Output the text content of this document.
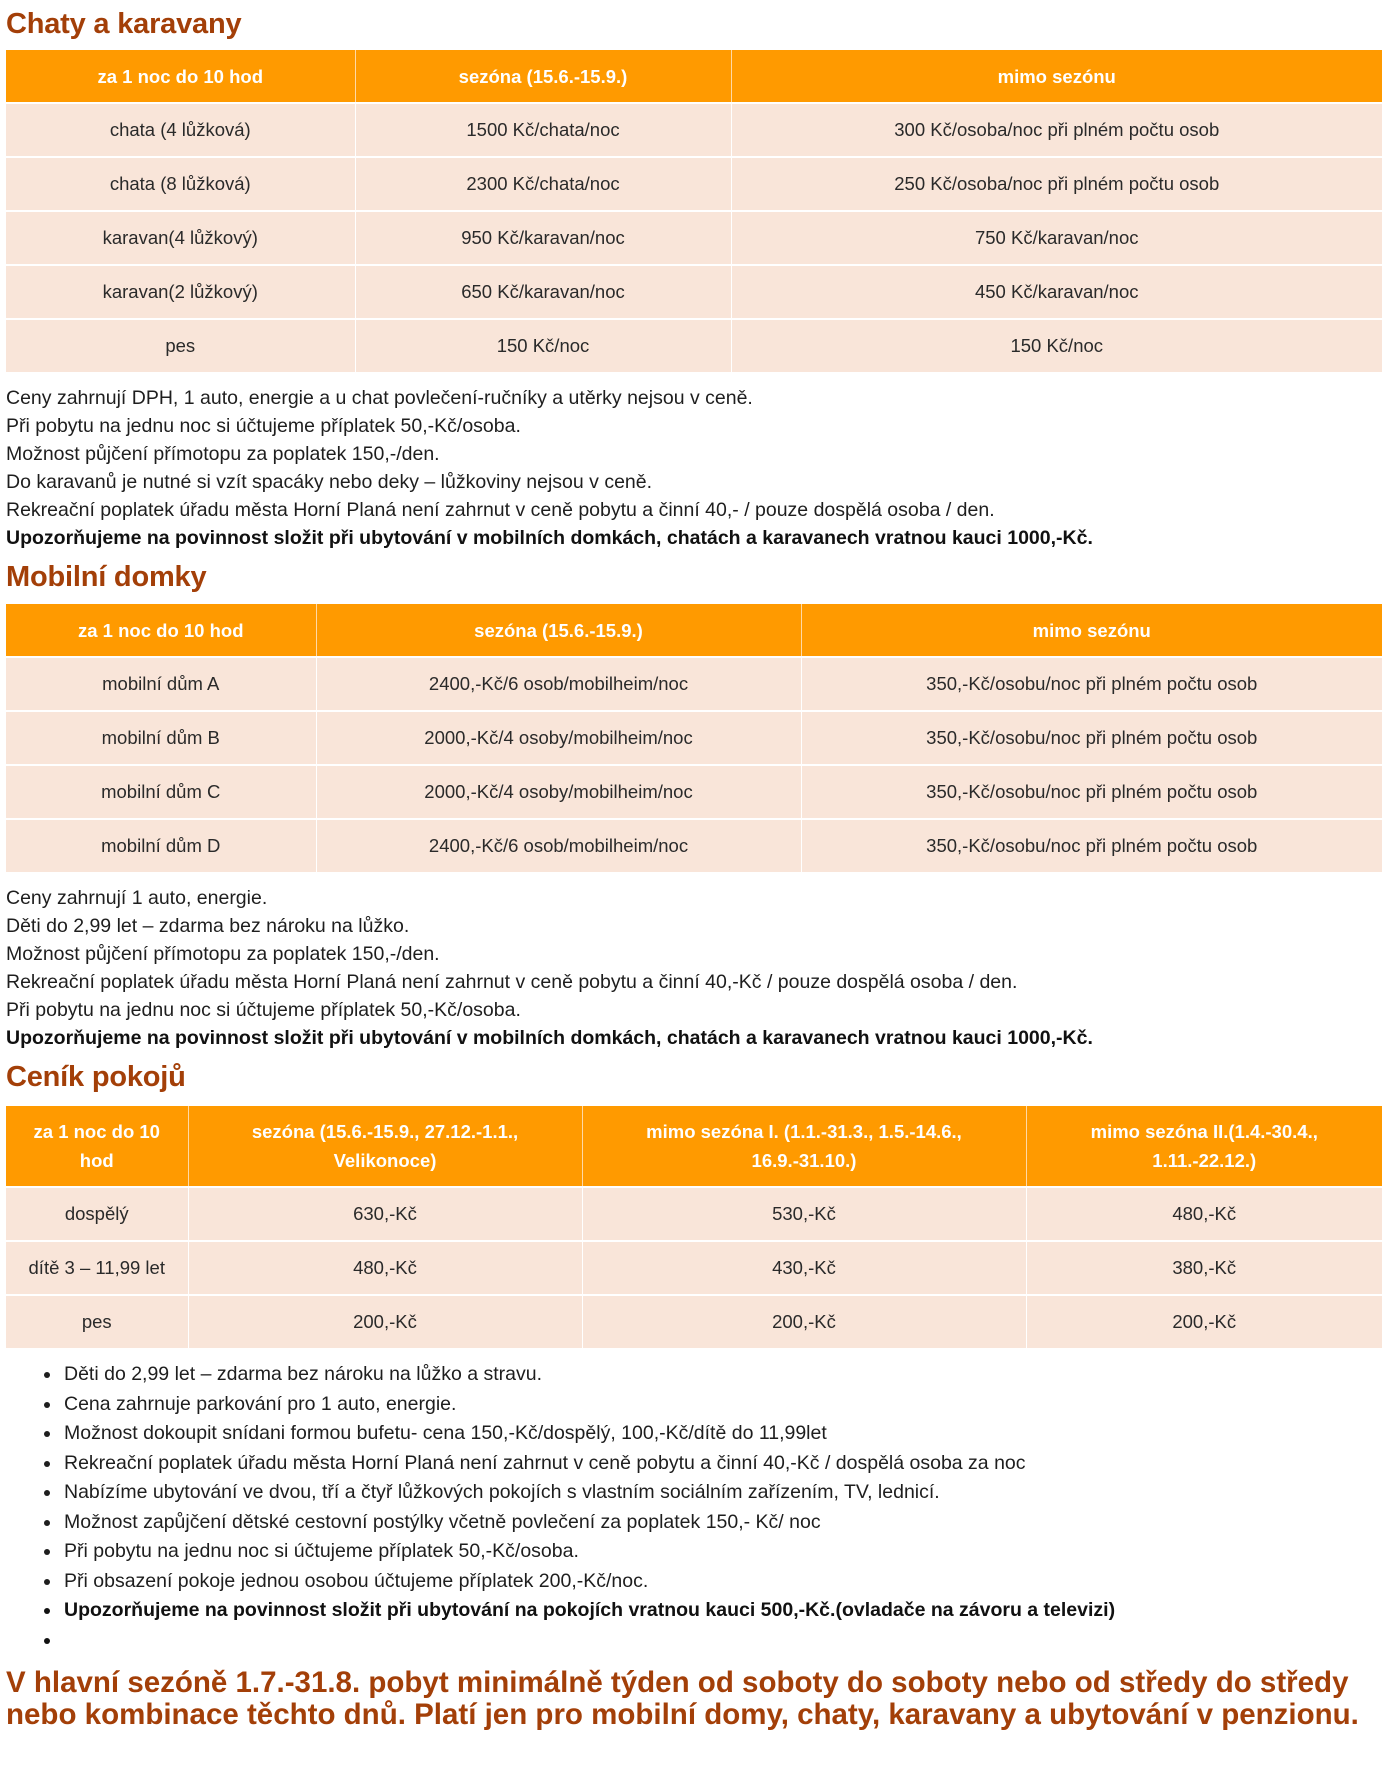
Chaty a karavany
za 1 noc do 10 hod	sezóna (15.6.-15.9.)	mimo sezónu
chata (4 lůžková)	1500 Kč/chata/noc	300 Kč/osoba/noc při plném počtu osob
chata (8 lůžková)	2300 Kč/chata/noc	250 Kč/osoba/noc při plném počtu osob
karavan(4 lůžkový)	950 Kč/karavan/noc	750 Kč/karavan/noc
karavan(2 lůžkový)	650 Kč/karavan/noc	450 Kč/karavan/noc
pes	150 Kč/noc	150 Kč/noc

Ceny zahrnují DPH, 1 auto, energie a u chat povlečení-ručníky a utěrky nejsou v ceně.

Při pobytu na jednu noc si účtujeme příplatek 50,-Kč/osoba.

Možnost půjčení přímotopu za poplatek 150,-/den.

Do karavanů je nutné si vzít spacáky nebo deky – lůžkoviny nejsou v ceně.

Rekreační poplatek úřadu města Horní Planá není zahrnut v ceně pobytu a činní 40,- / pouze dospělá osoba / den.

Upozorňujeme na povinnost složit při ubytování v mobilních domkách, chatách a karavanech vratnou kauci 1000,-Kč.

Mobilní domky
za 1 noc do 10 hod	sezóna (15.6.-15.9.)	mimo sezónu
mobilní dům A	2400,-Kč/6 osob/mobilheim/noc	350,-Kč/osobu/noc při plném počtu osob
mobilní dům B	2000,-Kč/4 osoby/mobilheim/noc	350,-Kč/osobu/noc při plném počtu osob
mobilní dům C	2000,-Kč/4 osoby/mobilheim/noc	350,-Kč/osobu/noc při plném počtu osob
mobilní dům D	2400,-Kč/6 osob/mobilheim/noc	350,-Kč/osobu/noc při plném počtu osob

Ceny zahrnují 1 auto, energie.

Děti do 2,99 let – zdarma bez nároku na lůžko.

Možnost půjčení přímotopu za poplatek 150,-/den.

Rekreační poplatek úřadu města Horní Planá není zahrnut v ceně pobytu a činní 40,-Kč / pouze dospělá osoba / den.

Při pobytu na jednu noc si účtujeme příplatek 50,-Kč/osoba.

Upozorňujeme na povinnost složit při ubytování v mobilních domkách, chatách a karavanech vratnou kauci 1000,-Kč.

Ceník pokojů
za 1 noc do 10 hod	sezóna (15.6.-15.9., 27.12.-1.1., Velikonoce)	mimo sezóna I. (1.1.-31.3., 1.5.-14.6., 16.9.-31.10.)	mimo sezóna II.(1.4.-30.4., 1.11.-22.12.)
dospělý	630,-Kč	530,-Kč	480,-Kč
dítě 3 – 11,99 let	480,-Kč	430,-Kč	380,-Kč
pes	200,-Kč	200,-Kč	200,-Kč
• Děti do 2,99 let – zdarma bez nároku na lůžko a stravu.
• Cena zahrnuje parkování pro 1 auto, energie.
• Možnost dokoupit snídani formou bufetu- cena 150,-Kč/dospělý, 100,-Kč/dítě do 11,99let
• Rekreační poplatek úřadu města Horní Planá není zahrnut v ceně pobytu a činní 40,-Kč / dospělá osoba za noc
• Nabízíme ubytování ve dvou, tří a čtyř lůžkových pokojích s vlastním sociálním zařízením, TV, lednicí.
• Možnost zapůjčení dětské cestovní postýlky včetně povlečení za poplatek 150,- Kč/ noc
• Při pobytu na jednu noc si účtujeme příplatek 50,-Kč/osoba.
• Při obsazení pokoje jednou osobou účtujeme příplatek 200,-Kč/noc.
• Upozorňujeme na povinnost složit při ubytování na pokojích vratnou kauci 500,-Kč.(ovladače na závoru a televizi)
•

V hlavní sezóně 1.7.-31.8. pobyt minimálně týden od soboty do soboty nebo od středy do středy nebo kombinace těchto dnů. Platí jen pro mobilní domy, chaty, karavany a ubytování v penzionu.
